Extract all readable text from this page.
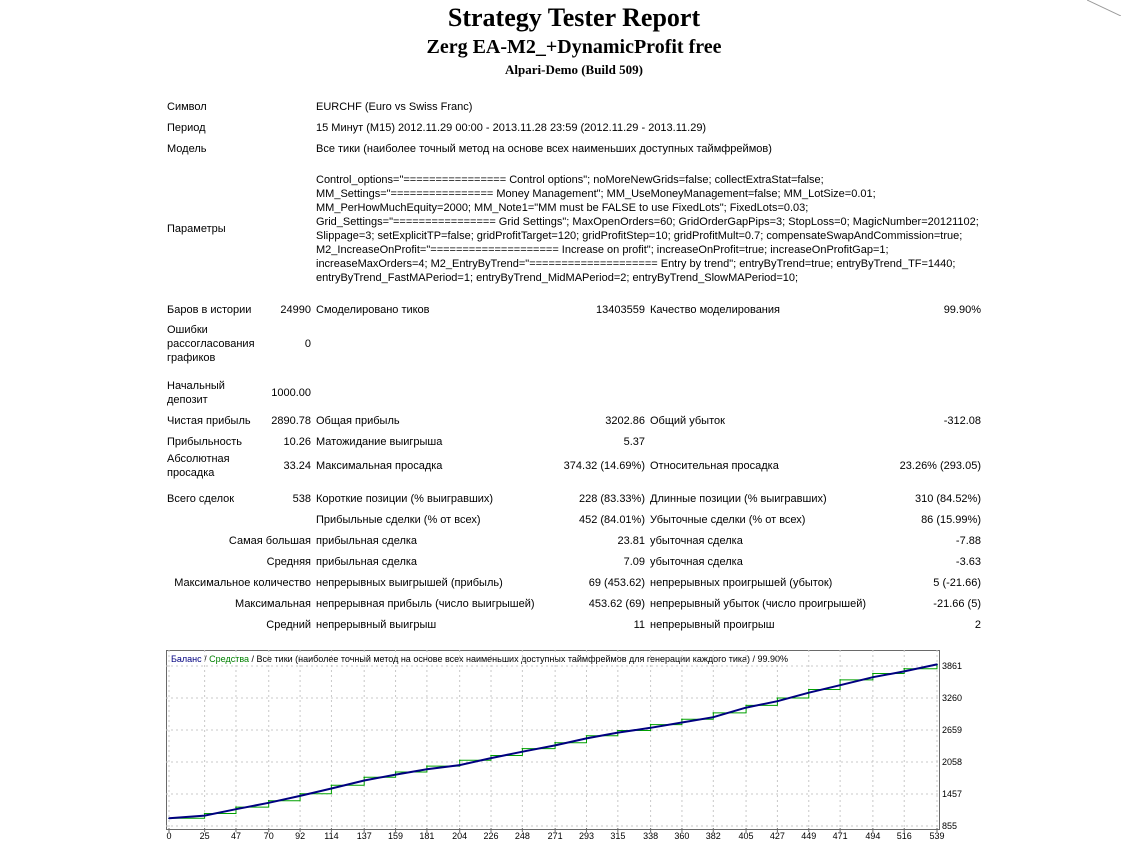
Strategy Tester Report
Zerg EA-M2_+DynamicProfit free
Alpari-Demo (Build 509)
Символ		EURCHF (Euro vs Swiss Franc)			
Период		15 Минут (M15) 2012.11.29 00:00 - 2013.11.28 23:59 (2012.11.29 - 2013.11.29)			
Модель		Все тики (наиболее точный метод на основе всех наименьших доступных таймфреймов)			
Параметры		Control_options="================ Control options"; noMoreNewGrids=false; collectExtraStat=false; MM_Settings="================ Money Management"; MM_UseMoneyManagement=false; MM_LotSize=0.01; MM_PerHowMuchEquity=2000; MM_Note1="MM must be FALSE to use FixedLots"; FixedLots=0.03; Grid_Settings="================ Grid Settings"; MaxOpenOrders=60; GridOrderGapPips=3; StopLoss=0; MagicNumber=20121102; Slippage=3; setExplicitTP=false; gridProfitTarget=120; gridProfitStep=10; gridProfitMult=0.7; compensateSwapAndCommission=true; M2_IncreaseOnProfit="==================== Increase on profit"; increaseOnProfit=true; increaseOnProfitGap=1; increaseMaxOrders=4; M2_EntryByTrend="==================== Entry by trend"; entryByTrend=true; entryByTrend_TF=1440; entryByTrend_FastMAPeriod=1; entryByTrend_MidMAPeriod=2; entryByTrend_SlowMAPeriod=10;			
Баров в истории	24990	Смоделировано тиков	13403559	Качество моделирования	99.90%
Ошибки рассогласования графиков	0				

Начальный депозит	1000.00				
Чистая прибыль	2890.78	Общая прибыль	3202.86	Общий убыток	-312.08
Прибыльность	10.26	Матожидание выигрыша	5.37		
Абсолютная просадка	33.24	Максимальная просадка	374.32 (14.69%)	Относительная просадка	23.26% (293.05)

Всего сделок	538	Короткие позиции (% выигравших)	228 (83.33%)	Длинные позиции (% выигравших)	310 (84.52%)
		Прибыльные сделки (% от всех)	452 (84.01%)	Убыточные сделки (% от всех)	86 (15.99%)
Самая большая		прибыльная сделка	23.81	убыточная сделка	-7.88
Средняя		прибыльная сделка	7.09	убыточная сделка	-3.63
Максимальное количество		непрерывных выигрышей (прибыль)	69 (453.62)	непрерывных проигрышей (убыток)	5 (-21.66)
Максимальная		непрерывная прибыль (число выигрышей)	453.62 (69)	непрерывный убыток (число проигрышей)	-21.66 (5)
Средний		непрерывный выигрыш	11	непрерывный проигрыш	2
Баланс / Средства / Все тики (наиболее точный метод на основе всех наименьших доступных таймфреймов для генерации каждого тика) / 99.90%
3861
3260
2659
2058
1457
855
0	25 47	70 92 114 137 159 181 204 226 248 271 293 315 338 360 382 405 427 449 471 494 516 539
